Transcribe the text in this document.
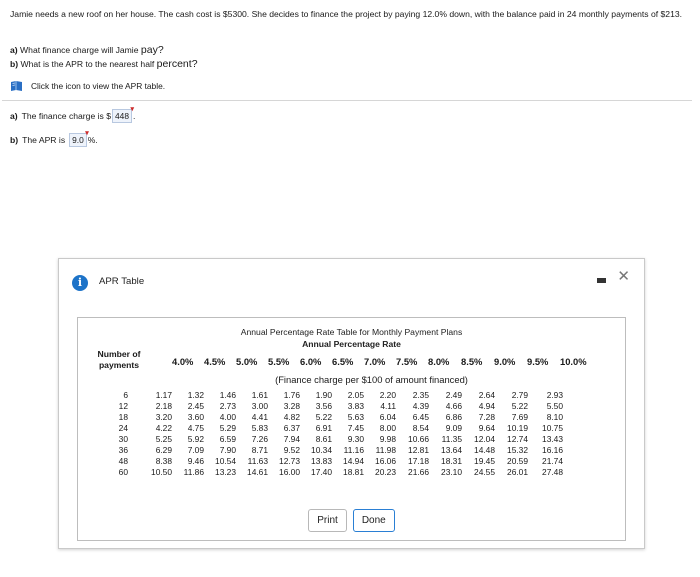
Jamie needs a new roof on her house. The cash cost is $5300. She decides to finance the project by paying 12.0% down, with the balance paid in 24 monthly payments of $213.
a) What finance charge will Jamie pay?
b) What is the APR to the nearest half percent?
Click the icon to view the APR table.
a) The finance charge is $ 448
▾
.
b) The APR is 9.0
▾
%.
i	APR Table	✕
Annual Percentage Rate Table for Monthly Payment Plans
Annual Percentage Rate
Number of payments	4.0%	4.5%	5.0%	5.5%	6.0%	6.5%	7.0%	7.5%	8.0%	8.5%	9.0%	9.5%	10.0%
(Finance charge per $100 of amount financed)
6	1.17	1.32	1.46	1.61	1.76	1.90	2.05	2.20	2.35	2.49	2.64	2.79	2.93
12	2.18	2.45	2.73	3.00	3.28	3.56	3.83	4.11	4.39	4.66	4.94	5.22	5.50
18	3.20	3.60	4.00	4.41	4.82	5.22	5.63	6.04	6.45	6.86	7.28	7.69	8.10
24	4.22	4.75	5.29	5.83	6.37	6.91	7.45	8.00	8.54	9.09	9.64	10.19	10.75
30	5.25	5.92	6.59	7.26	7.94	8.61	9.30	9.98	10.66	11.35	12.04	12.74	13.43
36	6.29	7.09	7.90	8.71	9.52	10.34	11.16	11.98	12.81	13.64	14.48	15.32	16.16
48	8.38	9.46	10.54	11.63	12.73	13.83	14.94	16.06	17.18	18.31	19.45	20.59	21.74
60	10.50	11.86	13.23	14.61	16.00	17.40	18.81	20.23	21.66	23.10	24.55	26.01	27.48
Print	Done
